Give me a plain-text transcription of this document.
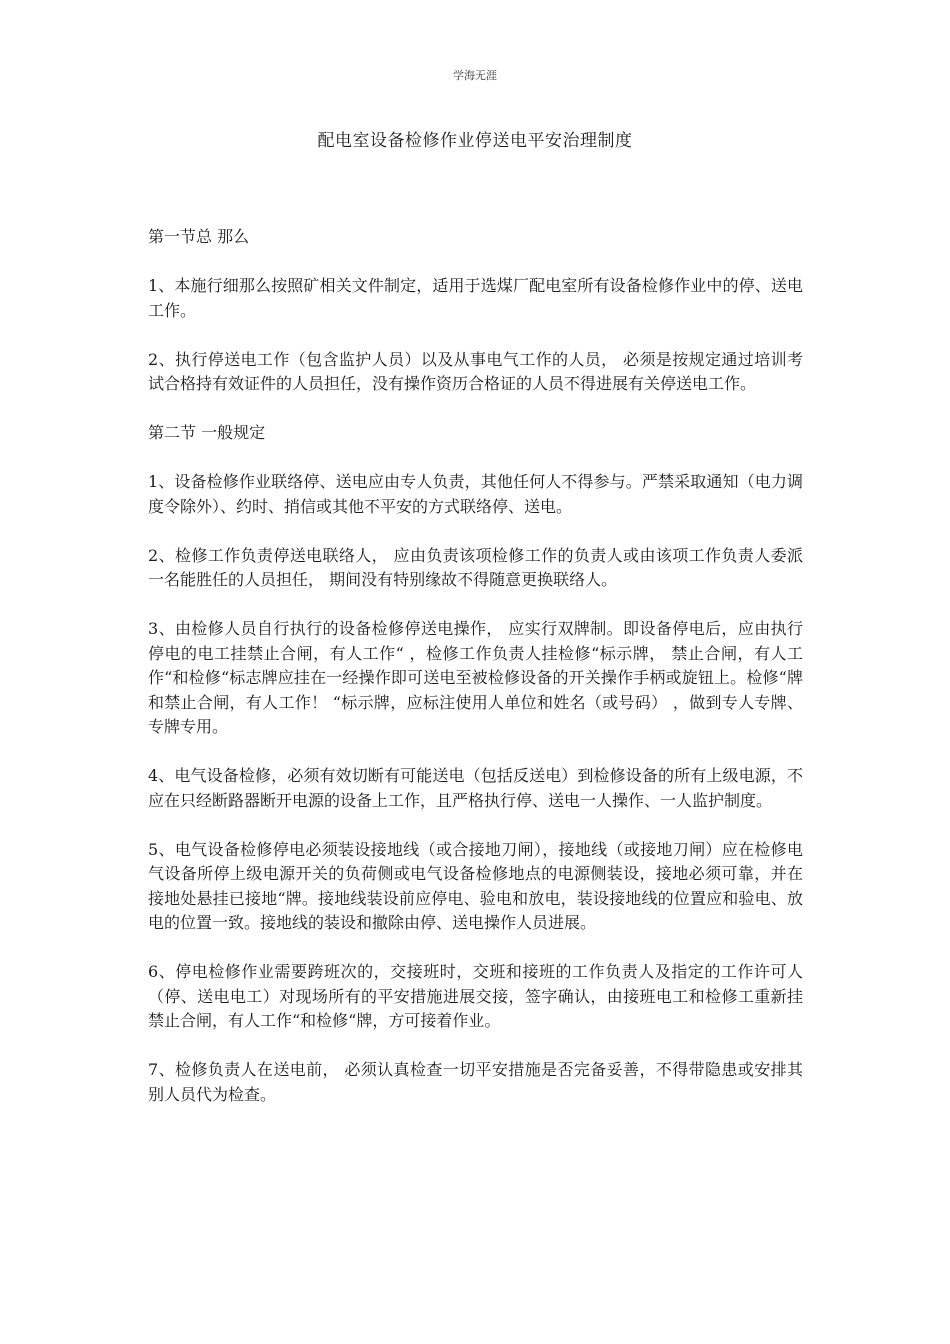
学海无涯
配电室设备检修作业停送电平安治理制度

第一节总 那么

1、本施行细那么按照矿相关文件制定，适用于选煤厂配电室所有设备检修作业中的停、送电工作。

2、执行停送电工作（包含监护人员）以及从事电气工作的人员， 必须是按规定通过培训考试合格持有效证件的人员担任，没有操作资历合格证的人员不得进展有关停送电工作。

第二节 一般规定

1、设备检修作业联络停、送电应由专人负责，其他任何人不得参与。严禁采取通知（电力调度令除外）、约时、捎信或其他不平安的方式联络停、送电。

2、检修工作负责停送电联络人， 应由负责该项检修工作的负责人或由该项工作负责人委派一名能胜任的人员担任， 期间没有特别缘故不得随意更换联络人。

3、由检修人员自行执行的设备检修停送电操作， 应实行双牌制。即设备停电后，应由执行停电的电工挂禁止合闸，有人工作“ ，检修工作负责人挂检修“标示牌， 禁止合闸，有人工作“和检修“标志牌应挂在一经操作即可送电至被检修设备的开关操作手柄或旋钮上。检修“牌和禁止合闸，有人工作！ “标示牌，应标注使用人单位和姓名（或号码） ，做到专人专牌、专牌专用。

4、电气设备检修，必须有效切断有可能送电（包括反送电）到检修设备的所有上级电源，不应在只经断路器断开电源的设备上工作，且严格执行停、送电一人操作、一人监护制度。

5、电气设备检修停电必须装设接地线（或合接地刀闸），接地线（或接地刀闸）应在检修电气设备所停上级电源开关的负荷侧或电气设备检修地点的电源侧装设，接地必须可靠，并在接地处悬挂已接地“牌。接地线装设前应停电、验电和放电，装设接地线的位置应和验电、放电的位置一致。接地线的装设和撤除由停、送电操作人员进展。

6、停电检修作业需要跨班次的，交接班时，交班和接班的工作负责人及指定的工作许可人（停、送电电工）对现场所有的平安措施进展交接，签字确认，由接班电工和检修工重新挂 禁止合闸，有人工作“和检修“牌，方可接着作业。

7、检修负责人在送电前， 必须认真检查一切平安措施是否完备妥善，不得带隐患或安排其别人员代为检查。
